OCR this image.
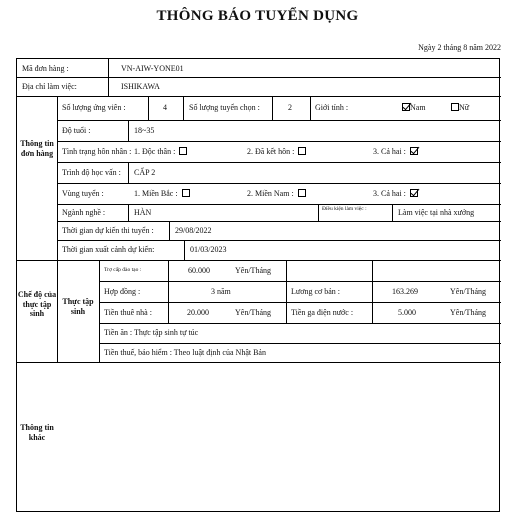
THÔNG BÁO TUYỂN DỤNG
Ngày 2 tháng 8 năm 2022
Mã đơn hàng :	VN-AIW-YONE01
Địa chỉ làm việc:	ISHIKAWA
Thông tin đơn hàng
Chế độ của thực tập sinh
Thực tập sinh
Thông tin khác
Số lượng ứng viên :	4	Số lượng tuyển chọn :	2	Giới tính :	Nam	Nữ
Độ tuổi :	18~35
Tình trạng hôn nhân : 1. Độc thân :	2. Đã kết hôn :	3. Cả hai :
Trình độ học vấn : CẤP 2
Vùng tuyển :	1. Miền Bắc :	2. Miền Nam :	3. Cả hai :
Ngành nghề :	HÀN	Điều kiện làm việc :	Làm việc tại nhà xưởng
Thời gian dự kiến thi tuyển :	29/08/2022
Thời gian xuất cảnh dự kiến:	01/03/2023
Trợ cấp đào tạo :	60.000	Yên/Tháng
Hợp đồng :	3 năm	Lương cơ bản :	163.269	Yên/Tháng
Tiền thuê nhà :	20.000	Yên/Tháng	Tiền ga điện nước :	5.000	Yên/Tháng
Tiền ăn : Thực tập sinh tự túc
Tiền thuế, bảo hiểm : Theo luật định của Nhật Bản
